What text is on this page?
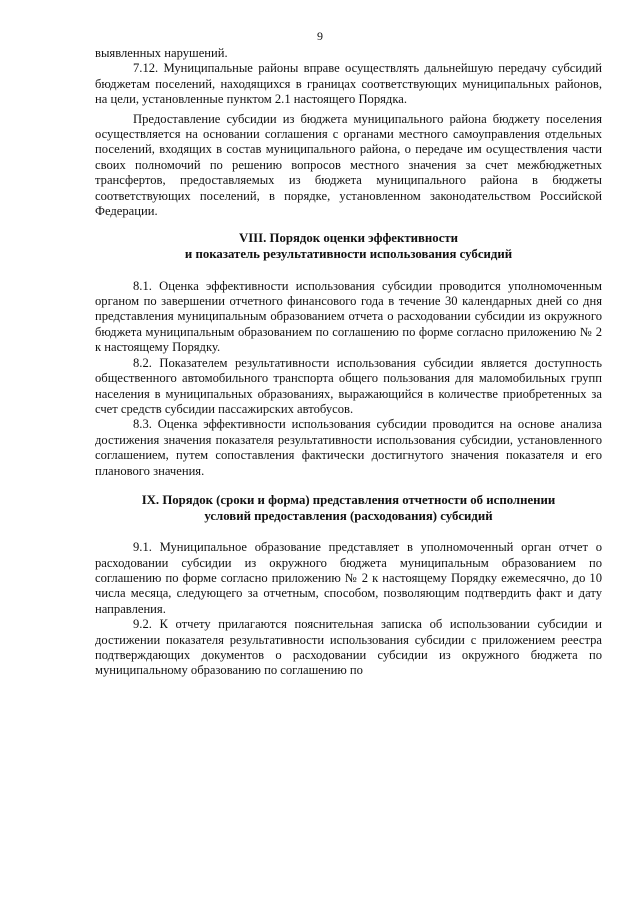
9

выявленных нарушений.

7.12. Муниципальные районы вправе осуществлять дальнейшую передачу субсидий бюджетам поселений, находящихся в границах соответствующих муниципальных районов, на цели, установленные пунктом 2.1 настоящего Порядка.

Предоставление субсидии из бюджета муниципального района бюджету поселения осуществляется на основании соглашения с органами местного самоуправления отдельных поселений, входящих в состав муниципального района, о передаче им осуществления части своих полномочий по решению вопросов местного значения за счет межбюджетных трансфертов, предоставляемых из бюджета муниципального района в бюджеты соответствующих поселений, в порядке, установленном законодательством Российской Федерации.

VIII. Порядок оценки эффективности

и показатель результативности использования субсидий

8.1. Оценка эффективности использования субсидии проводится уполномоченным органом по завершении отчетного финансового года в течение 30 календарных дней со дня представления муниципальным образованием отчета о расходовании субсидии из окружного бюджета муниципальным образованием по соглашению по форме согласно приложению № 2 к настоящему Порядку.

8.2. Показателем результативности использования субсидии является доступность общественного автомобильного транспорта общего пользования для маломобильных групп населения в муниципальных образованиях, выражающийся в количестве приобретенных за счет средств субсидии пассажирских автобусов.

8.3. Оценка эффективности использования субсидии проводится на основе анализа достижения значения показателя результативности использования субсидии, установленного соглашением, путем сопоставления фактически достигнутого значения показателя и его планового значения.

IX. Порядок (сроки и форма) представления отчетности об исполнении

условий предоставления (расходования) субсидий

9.1. Муниципальное образование представляет в уполномоченный орган отчет о расходовании субсидии из окружного бюджета муниципальным образованием по соглашению по форме согласно приложению № 2 к настоящему Порядку ежемесячно, до 10 числа месяца, следующего за отчетным, способом, позволяющим подтвердить факт и дату направления.

9.2. К отчету прилагаются пояснительная записка об использовании субсидии и достижении показателя результативности использования субсидии с приложением реестра подтверждающих документов о расходовании субсидии из окружного бюджета по муниципальному образованию по соглашению по
